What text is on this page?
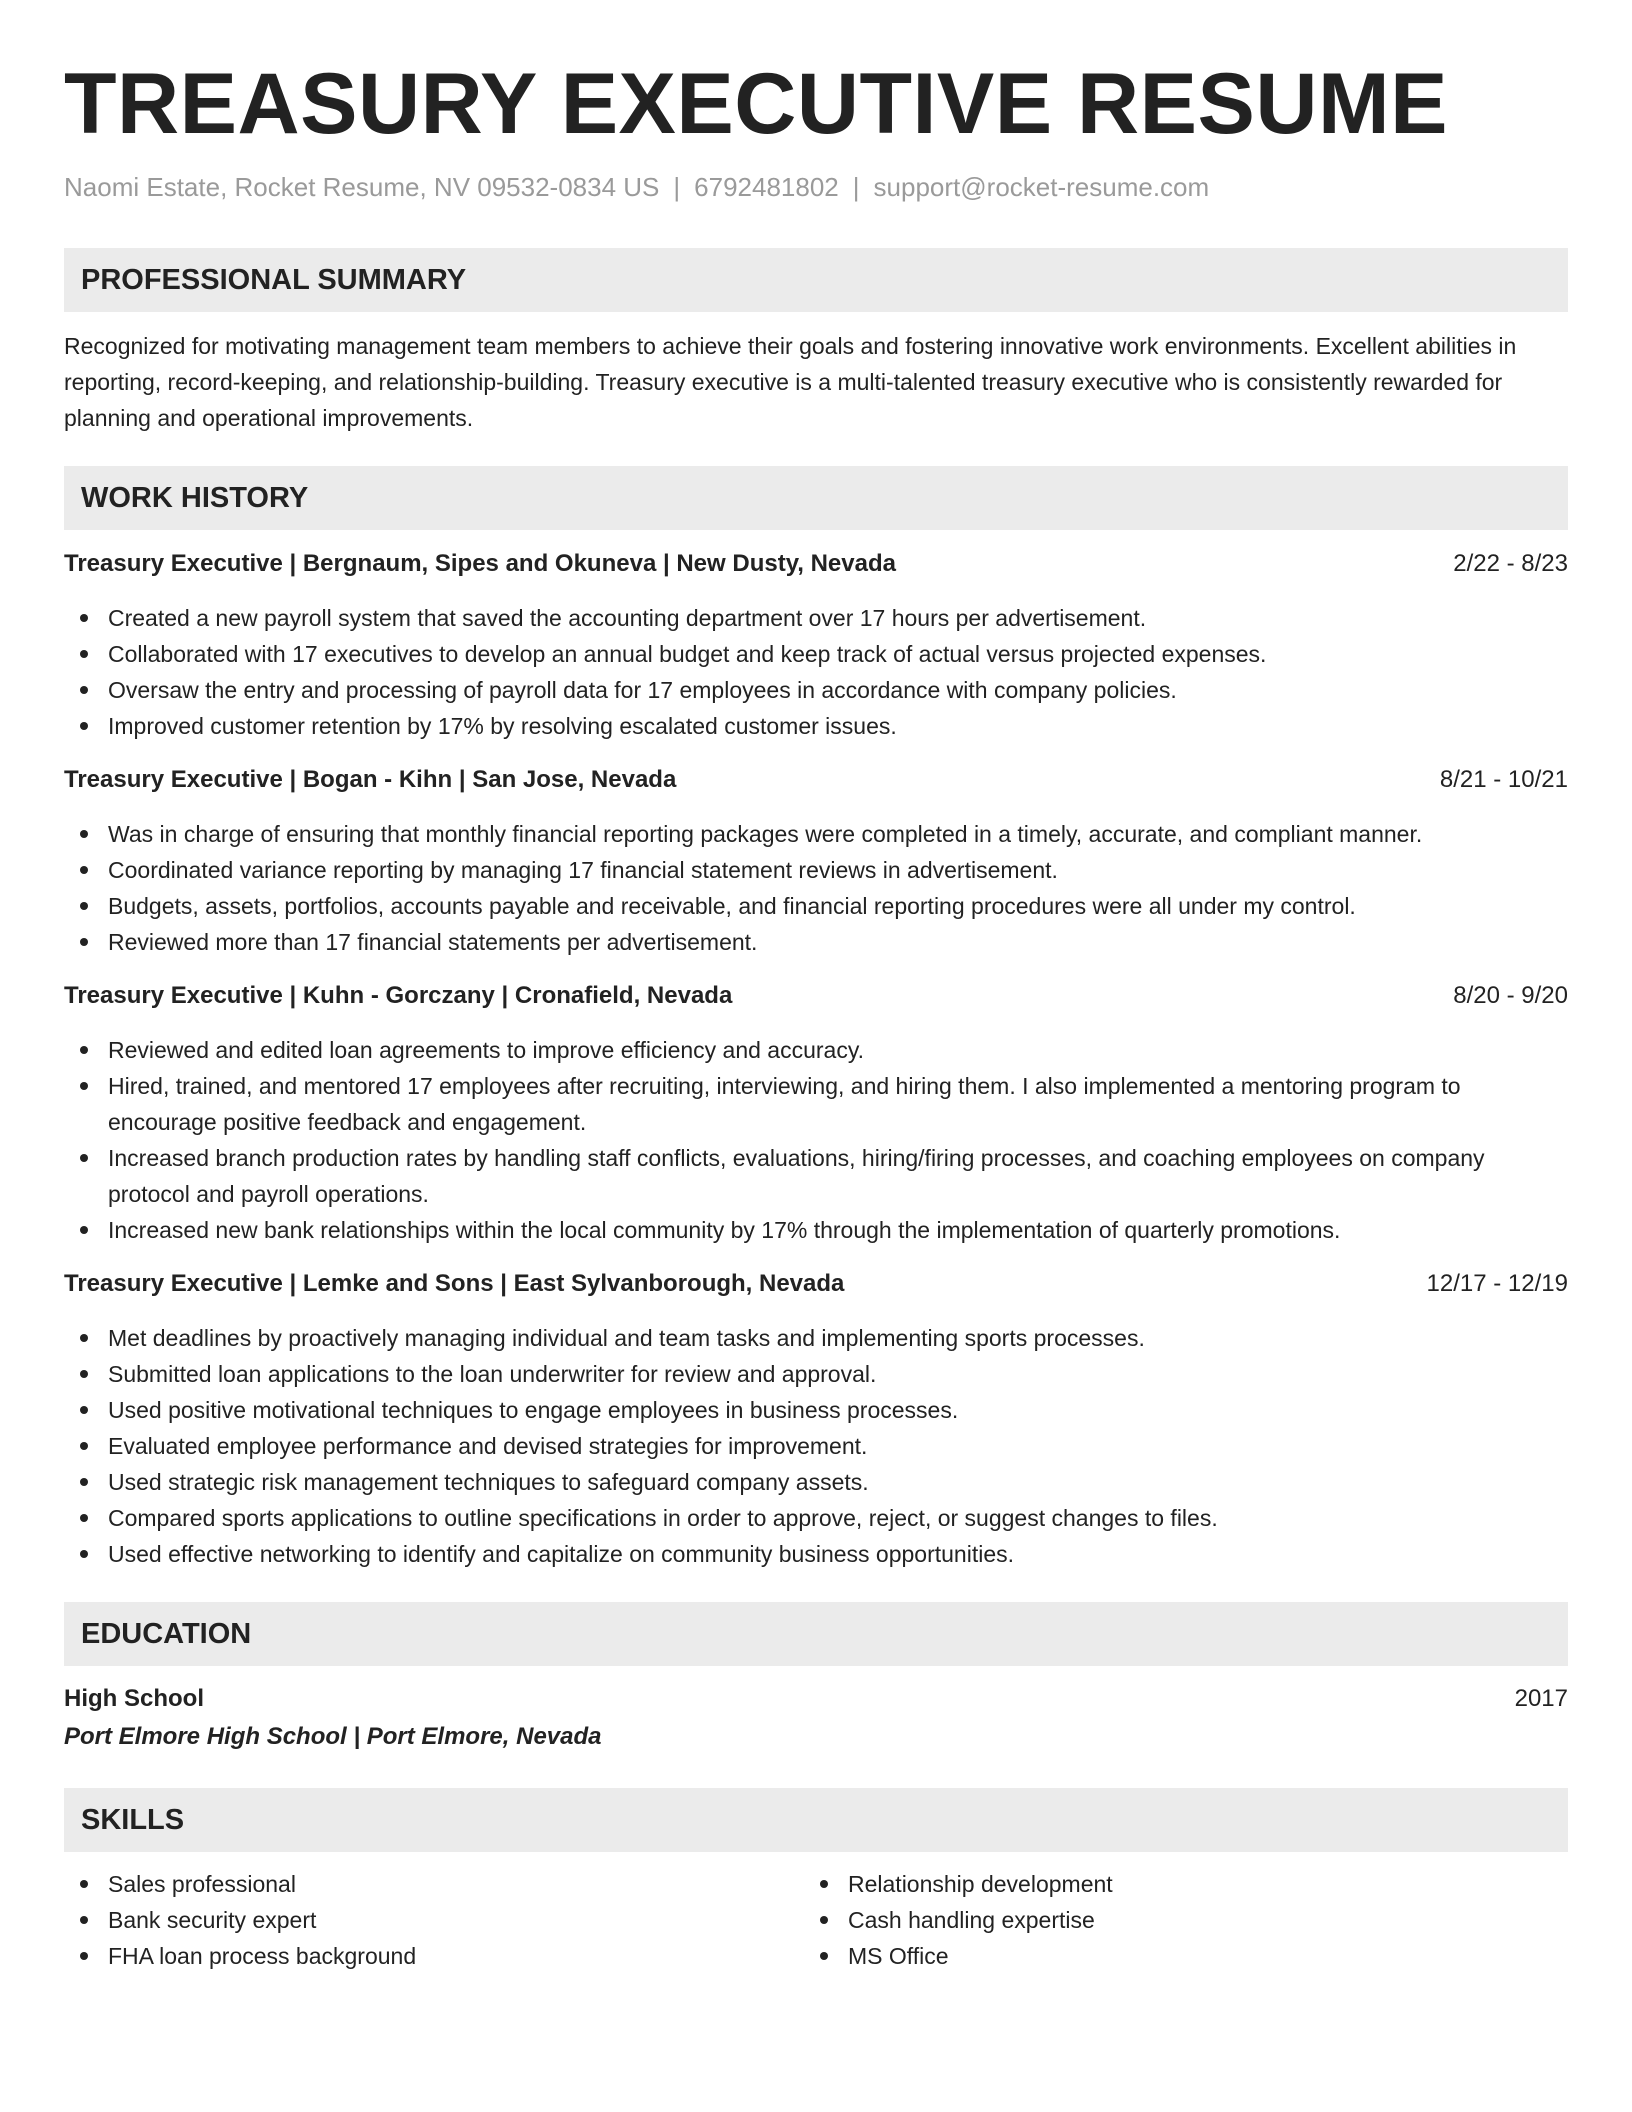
TREASURY EXECUTIVE RESUME
Naomi Estate, Rocket Resume, NV 09532-0834 US | 6792481802 | support@rocket-resume.com
PROFESSIONAL SUMMARY
Recognized for motivating management team members to achieve their goals and fostering innovative work environments. Excellent abilities in reporting, record-keeping, and relationship-building. Treasury executive is a multi-talented treasury executive who is consistently rewarded for planning and operational improvements.
WORK HISTORY
Treasury Executive | Bergnaum, Sipes and Okuneva | New Dusty, Nevada	2/22 - 8/23
Created a new payroll system that saved the accounting department over 17 hours per advertisement.
Collaborated with 17 executives to develop an annual budget and keep track of actual versus projected expenses.
Oversaw the entry and processing of payroll data for 17 employees in accordance with company policies.
Improved customer retention by 17% by resolving escalated customer issues.
Treasury Executive | Bogan - Kihn | San Jose, Nevada	8/21 - 10/21
Was in charge of ensuring that monthly financial reporting packages were completed in a timely, accurate, and compliant manner.
Coordinated variance reporting by managing 17 financial statement reviews in advertisement.
Budgets, assets, portfolios, accounts payable and receivable, and financial reporting procedures were all under my control.
Reviewed more than 17 financial statements per advertisement.
Treasury Executive | Kuhn - Gorczany | Cronafield, Nevada	8/20 - 9/20
Reviewed and edited loan agreements to improve efficiency and accuracy.
Hired, trained, and mentored 17 employees after recruiting, interviewing, and hiring them. I also implemented a mentoring program to encourage positive feedback and engagement.
Increased branch production rates by handling staff conflicts, evaluations, hiring/firing processes, and coaching employees on company protocol and payroll operations.
Increased new bank relationships within the local community by 17% through the implementation of quarterly promotions.
Treasury Executive | Lemke and Sons | East Sylvanborough, Nevada	12/17 - 12/19
Met deadlines by proactively managing individual and team tasks and implementing sports processes.
Submitted loan applications to the loan underwriter for review and approval.
Used positive motivational techniques to engage employees in business processes.
Evaluated employee performance and devised strategies for improvement.
Used strategic risk management techniques to safeguard company assets.
Compared sports applications to outline specifications in order to approve, reject, or suggest changes to files.
Used effective networking to identify and capitalize on community business opportunities.
EDUCATION
High School	2017
Port Elmore High School | Port Elmore, Nevada
SKILLS
Sales professional
Bank security expert
FHA loan process background
Relationship development
Cash handling expertise
MS Office
